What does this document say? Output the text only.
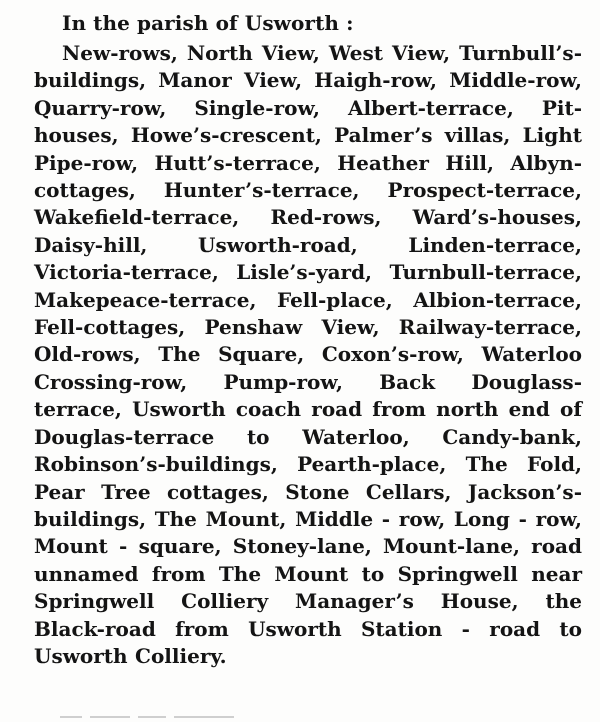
In the parish of Usworth :

New-rows, North View, West View, Turnbull’s-buildings, Manor View, Haigh-row, Middle-row, Quarry-row, Single-row, Albert-terrace, Pit-houses, Howe’s-crescent, Palmer’s villas, Light Pipe-row, Hutt’s-terrace, Heather Hill, Albyn-cottages, Hunter’s-terrace, Prospect-terrace, Wakefield-terrace, Red-rows, Ward’s-houses, Daisy-hill, Usworth-road, Linden-terrace, Victoria-terrace, Lisle’s-yard, Turnbull-terrace, Makepeace-terrace, Fell-place, Albion-terrace, Fell-cottages, Penshaw View, Railway-terrace, Old-rows, The Square, Coxon’s-row, Waterloo Crossing-row, Pump-row, Back Douglass-terrace, Usworth coach road from north end of Douglas-terrace to Waterloo, Candy-bank, Robinson’s-buildings, Pearth-place, The Fold, Pear Tree cottages, Stone Cellars, Jackson’s-buildings, The Mount, Middle - row, Long - row, Mount - square, Stoney-lane, Mount-lane, road unnamed from The Mount to Springwell near Springwell Colliery Manager’s House, the Black-road from Usworth Station - road to Usworth Colliery.
